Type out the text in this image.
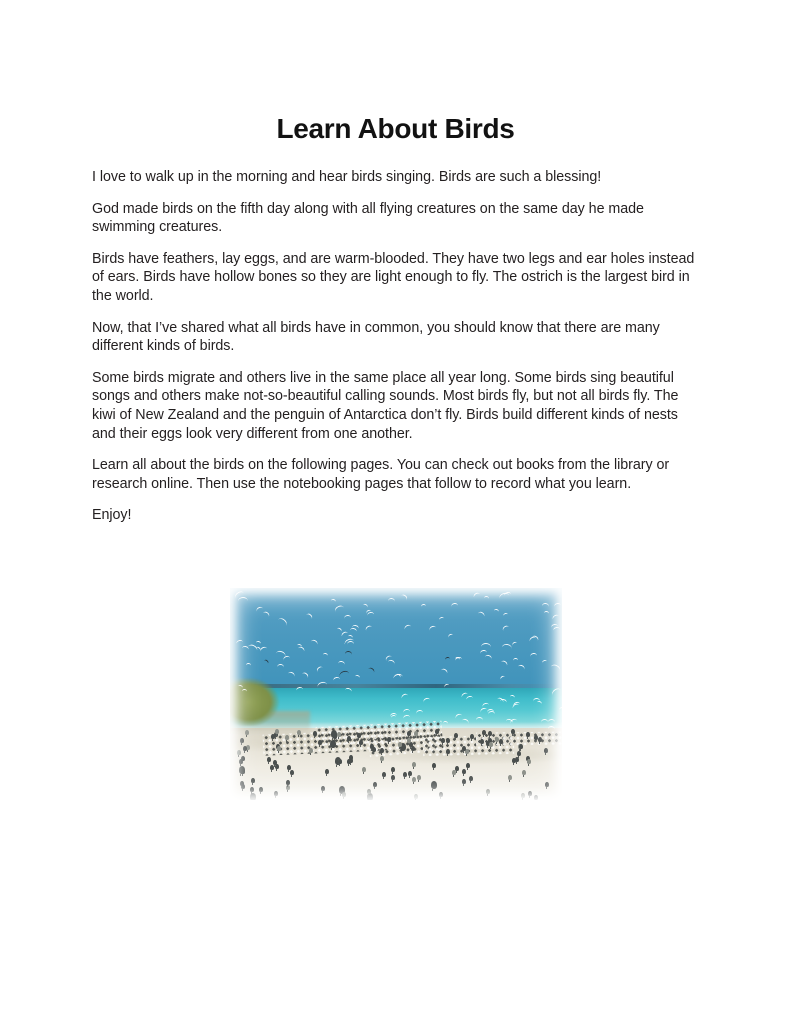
Learn About Birds

I love to walk up in the morning and hear birds singing. Birds are such a blessing!

God made birds on the fifth day along with all flying creatures on the same day he made swimming creatures.

Birds have feathers, lay eggs, and are warm-blooded. They have two legs and ear holes instead of ears. Birds have hollow bones so they are light enough to fly. The ostrich is the largest bird in the world.

Now, that I’ve shared what all birds have in common, you should know that there are many different kinds of birds.

Some birds migrate and others live in the same place all year long. Some birds sing beautiful songs and others make not-so-beautiful calling sounds. Most birds fly, but not all birds fly. The kiwi of New Zealand and the penguin of Antarctica don’t fly. Birds build different kinds of nests and their eggs look very different from one another.

Learn all about the birds on the following pages. You can check out books from the library or research online. Then use the notebooking pages that follow to record what you learn.

Enjoy!
